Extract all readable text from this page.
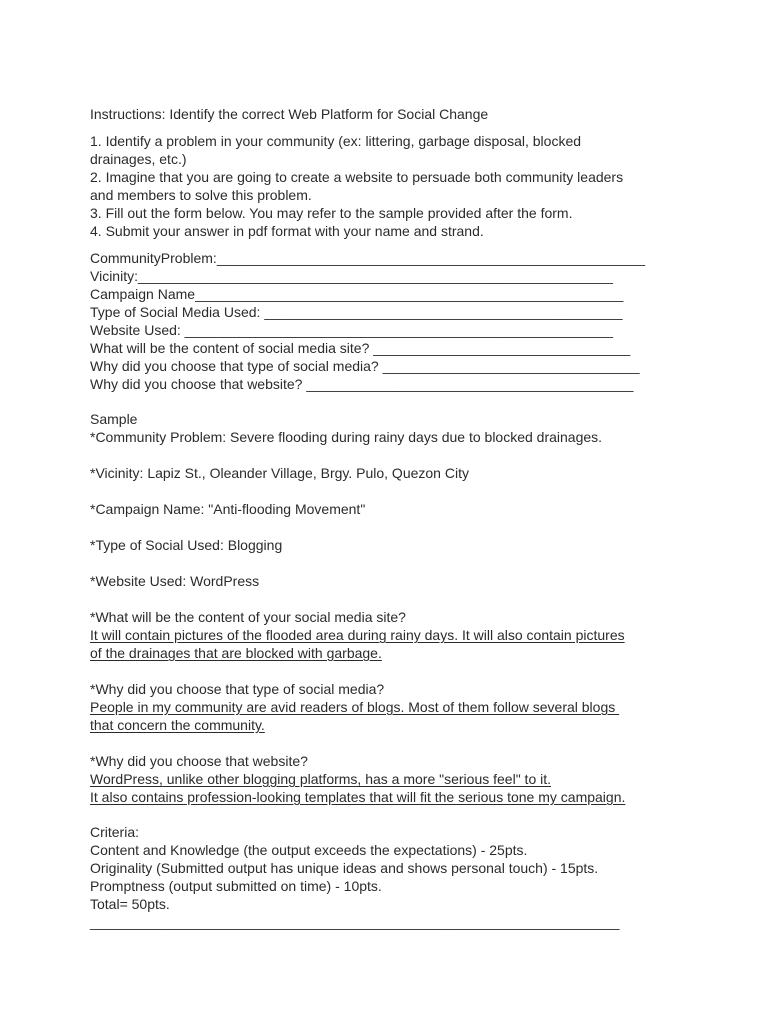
Instructions: Identify the correct Web Platform for Social Change
1. Identify a problem in your community (ex: littering, garbage disposal, blocked
drainages, etc.)
2. Imagine that you are going to create a website to persuade both community leaders
and members to solve this problem.
3. Fill out the form below. You may refer to the sample provided after the form.
4. Submit your answer in pdf format with your name and strand.
CommunityProblem:_______________________________________________________
Vicinity:_____________________________________________________________
Campaign Name_______________________________________________________
Type of Social Media Used: ______________________________________________
Website Used: _______________________________________________________
What will be the content of social media site? _________________________________
Why did you choose that type of social media? _________________________________
Why did you choose that website? __________________________________________
Sample
*Community Problem: Severe flooding during rainy days due to blocked drainages.
*Vicinity: Lapiz St., Oleander Village, Brgy. Pulo, Quezon City
*Campaign Name: "Anti-flooding Movement"
*Type of Social Used: Blogging
*Website Used: WordPress
*What will be the content of your social media site?
It will contain pictures of the flooded area during rainy days. It will also contain pictures
of the drainages that are blocked with garbage.
*Why did you choose that type of social media?
People in my community are avid readers of blogs. Most of them follow several blogs
that concern the community.
*Why did you choose that website?
WordPress, unlike other blogging platforms, has a more "serious feel" to it.
It also contains profession-looking templates that will fit the serious tone my campaign.
Criteria:
Content and Knowledge (the output exceeds the expectations) - 25pts.
Originality (Submitted output has unique ideas and shows personal touch) - 15pts.
Promptness (output submitted on time) - 10pts.
Total= 50pts.
____________________________________________________________________
